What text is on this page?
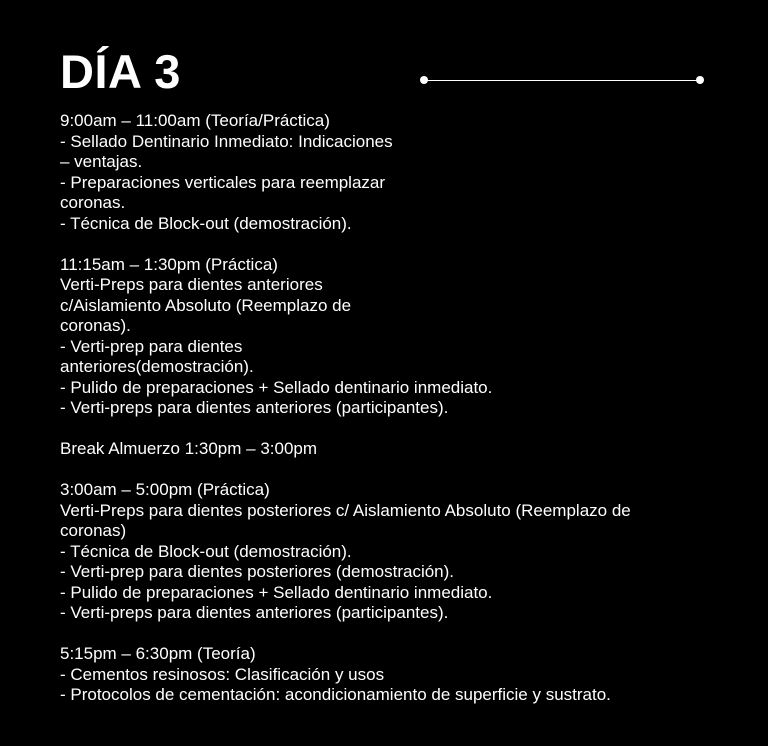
DÍA 3
9:00am – 11:00am (Teoría/Práctica)
- Sellado Dentinario Inmediato: Indicaciones
– ventajas.
- Preparaciones verticales para reemplazar
coronas.
- Técnica de Block-out (demostración).
11:15am – 1:30pm (Práctica)
Verti-Preps para dientes anteriores
c/Aislamiento Absoluto (Reemplazo de
coronas).
- Verti-prep para dientes
anteriores(demostración).
- Pulido de preparaciones + Sellado dentinario inmediato.
- Verti-preps para dientes anteriores (participantes).
Break Almuerzo 1:30pm – 3:00pm
3:00am – 5:00pm (Práctica)
Verti-Preps para dientes posteriores c/ Aislamiento Absoluto (Reemplazo de
coronas)
- Técnica de Block-out (demostración).
- Verti-prep para dientes posteriores (demostración).
- Pulido de preparaciones + Sellado dentinario inmediato.
- Verti-preps para dientes anteriores (participantes).
5:15pm – 6:30pm (Teoría)
- Cementos resinosos: Clasificación y usos
- Protocolos de cementación: acondicionamiento de superficie y sustrato.
